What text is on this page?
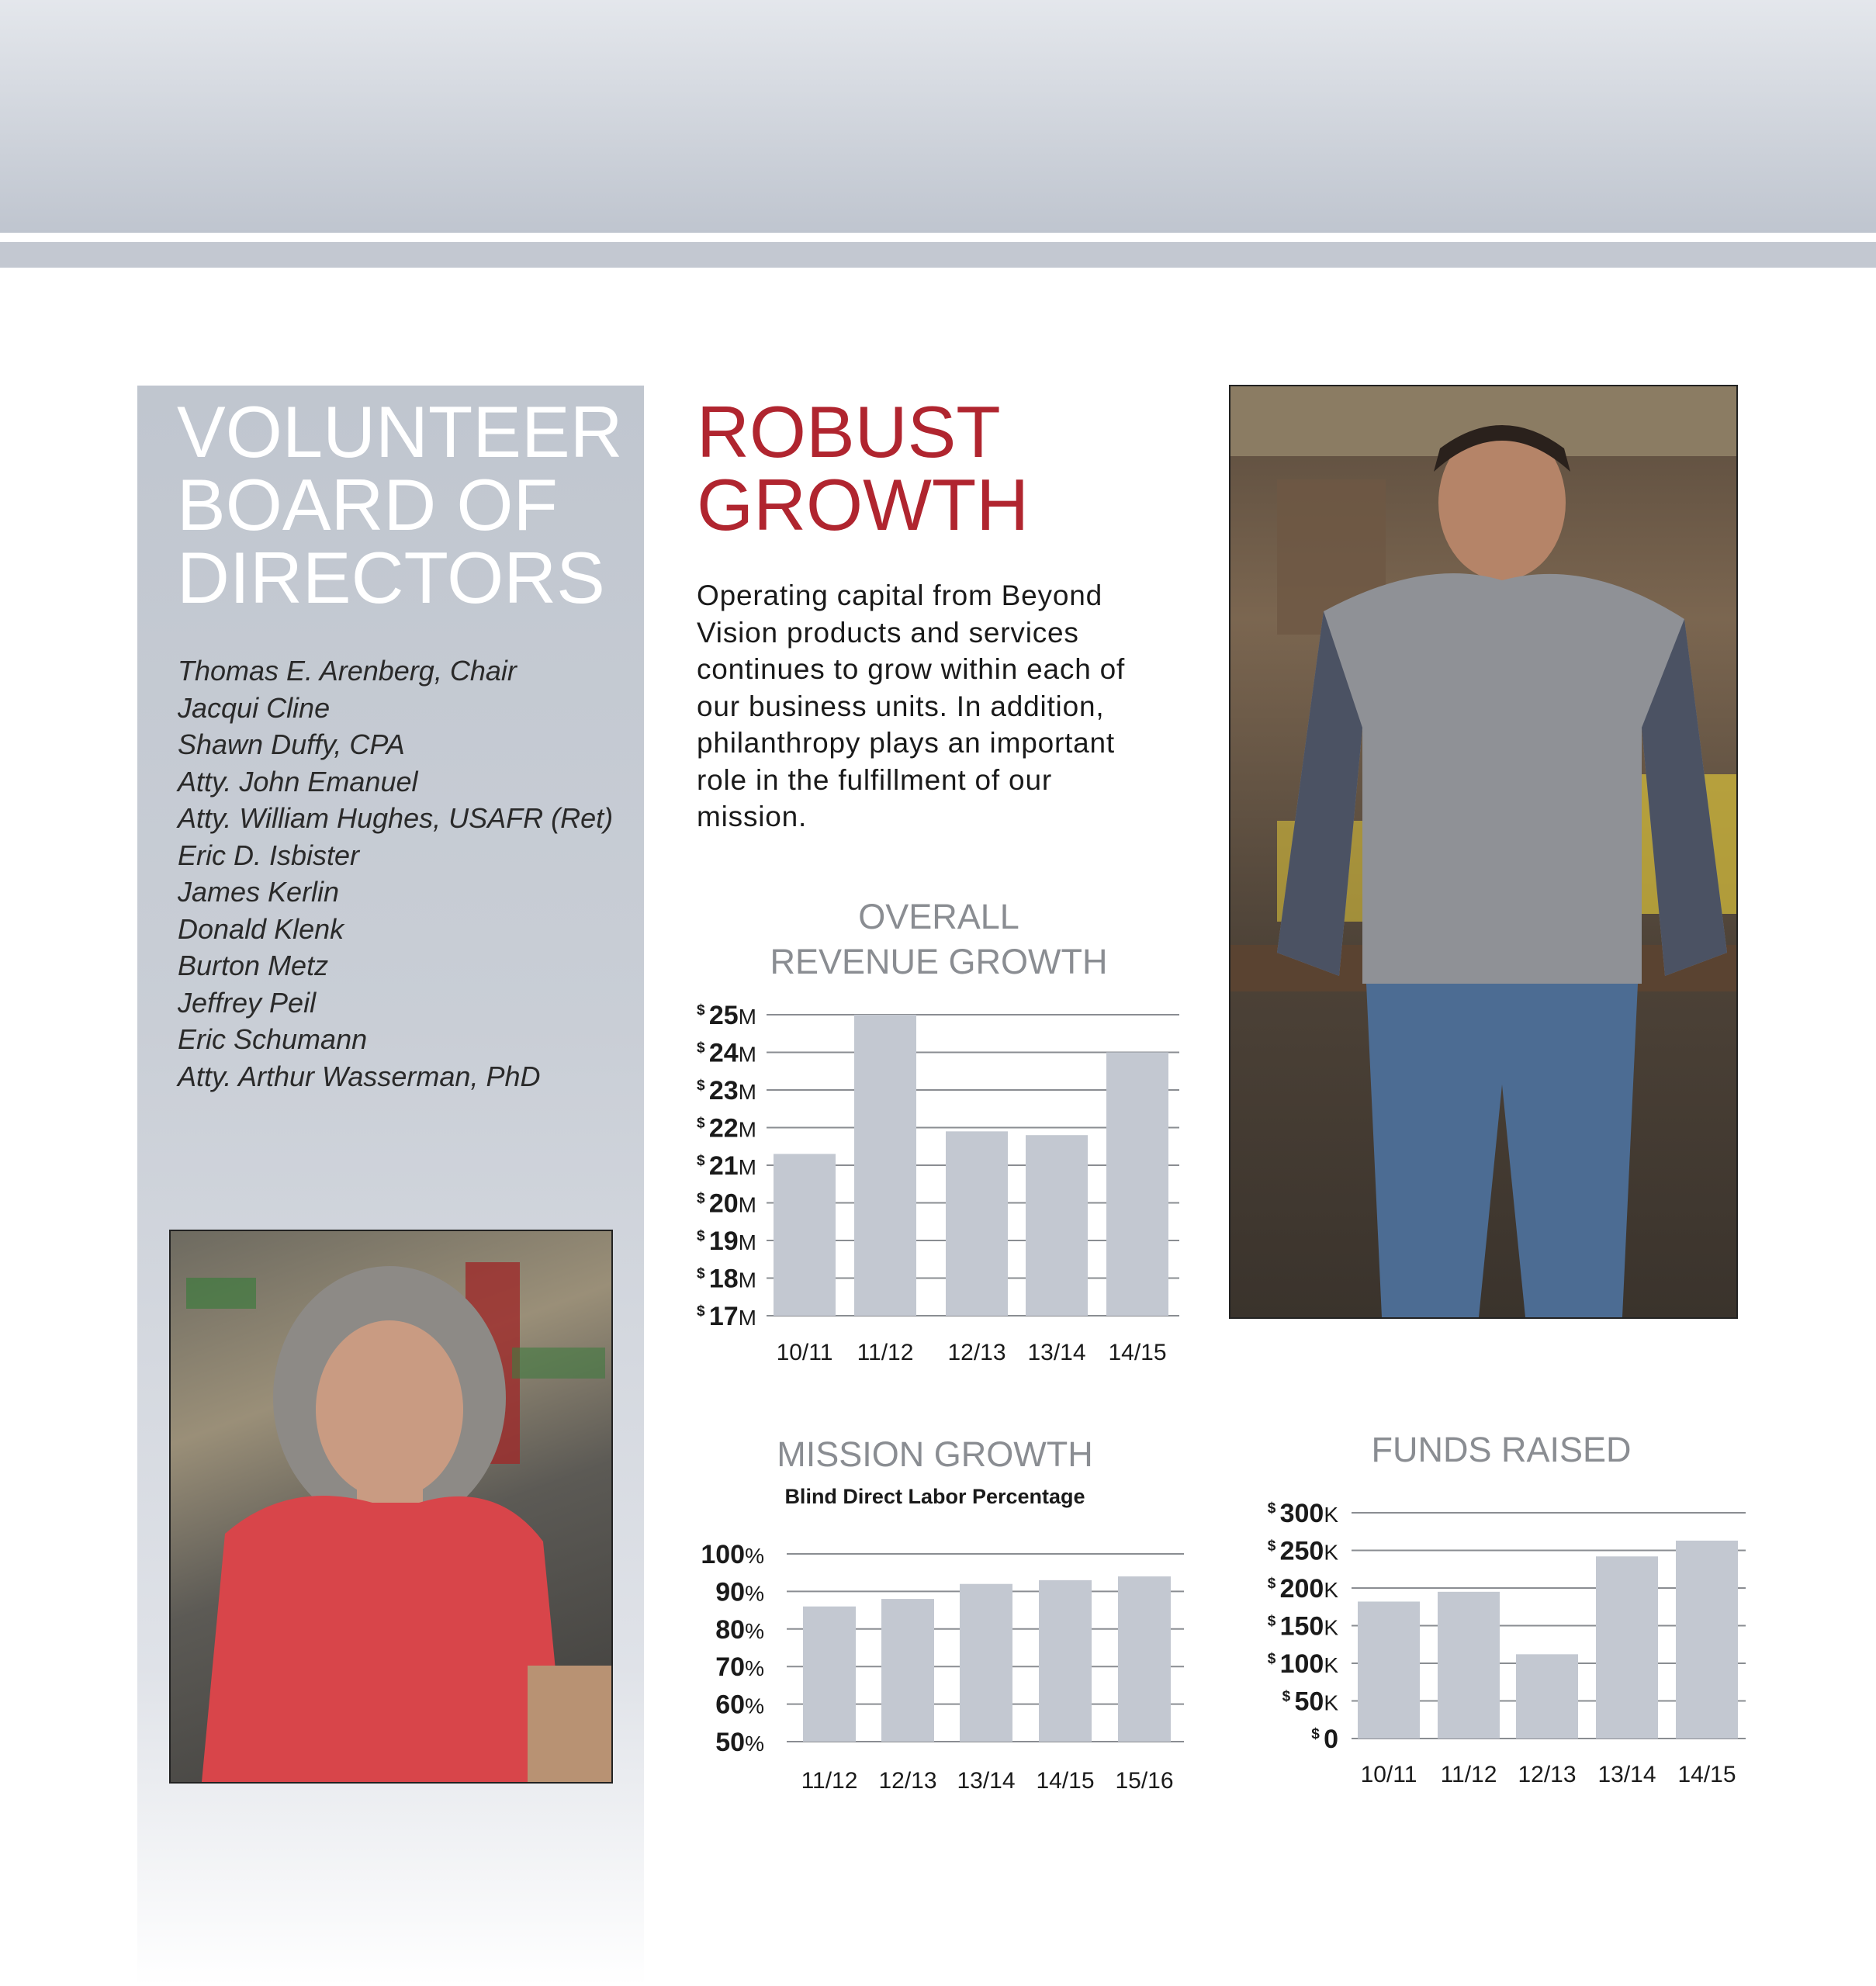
VOLUNTEER
BOARD OF
DIRECTORS
Thomas E. Arenberg, Chair
Jacqui Cline
Shawn Duffy, CPA
Atty. John Emanuel
Atty. William Hughes, USAFR (Ret)
Eric D. Isbister
James Kerlin
Donald Klenk
Burton Metz
Jeffrey Peil
Eric Schumann
Atty. Arthur Wasserman, PhD
ROBUST
GROWTH
Operating capital from Beyond
Vision products and services
continues to grow within each of
our business units. In addition,
philanthropy plays an important
role in the fulfillment of our
mission.
OVERALL
REVENUE GROWTH
$ 25M
$ 24M
$ 23M
$ 22M
$ 21M
$ 20M
$ 19M
$ 18M
$ 17M
10/11 11/12 12/13 13/14 14/15
MISSION GROWTH
Blind Direct Labor Percentage
100%
90%
80%
70%
60%
50%
11/12 12/13 13/14 14/15 15/16
FUNDS RAISED
$ 300K
$ 250K
$ 200K
$ 150K
$ 100K
$ 50K
$ 0
10/11 11/12 12/13 13/14 14/15
